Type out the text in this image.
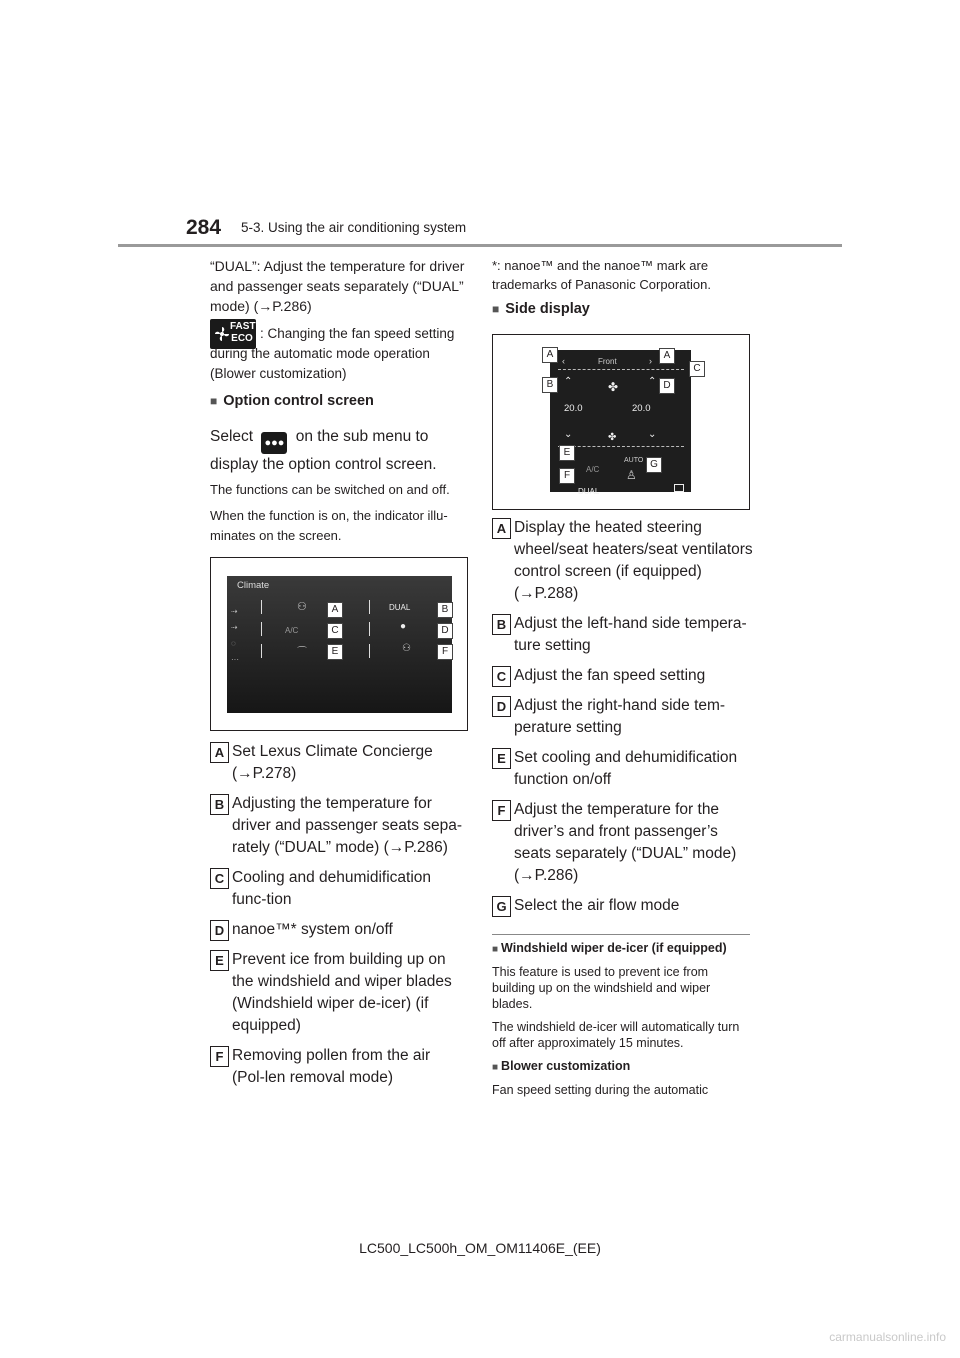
284 5-3. Using the air conditioning system
“DUAL”: Adjust the temperature for driver and passenger seats separately (“DUAL” mode) (→P.286)
FAST ECO : Changing the fan speed setting during the automatic mode operation (Blower customization)
■ Option control screen
Select ●●● on the sub menu to display the option control screen.
The functions can be switched on and off.
When the function is on, the indicator illu-minates on the screen.
Climate
⇢
⇢
◌
···
⚇	A	DUAL	B
A/C	C	●	D
⌒	E	⚇	F
A Set Lexus Climate Concierge (→P.278)
B Adjusting the temperature for driver and passenger seats sepa-rately (“DUAL” mode) (→P.286)
C Cooling and dehumidification func-tion
D nanoe™* system on/off
E Prevent ice from building up on the windshield and wiper blades (Windshield wiper de-icer) (if equipped)
F Removing pollen from the air (Pol-len removal mode)
*: nanoe™ and the nanoe™ mark are trademarks of Panasonic Corporation.
■ Side display
‹	Front	›
⌃	⌃
✤
20.0	20.0
⌄	⌄
✤
AUTO
A/C ♙
DUAL
A	A
C
B	D
E
F
G
A Display the heated steering wheel/seat heaters/seat ventilators control screen (if equipped) (→P.288)
B Adjust the left-hand side tempera-ture setting
C Adjust the fan speed setting
D Adjust the right-hand side tem-perature setting
E Set cooling and dehumidification function on/off
F Adjust the temperature for the driver’s and front passenger’s seats separately (“DUAL” mode) (→P.286)
G Select the air flow mode
■ Windshield wiper de-icer (if equipped)
This feature is used to prevent ice from building up on the windshield and wiper blades.
The windshield de-icer will automatically turn off after approximately 15 minutes.
■ Blower customization
Fan speed setting during the automatic
LC500_LC500h_OM_OM11406E_(EE)
carmanualsonline.info
